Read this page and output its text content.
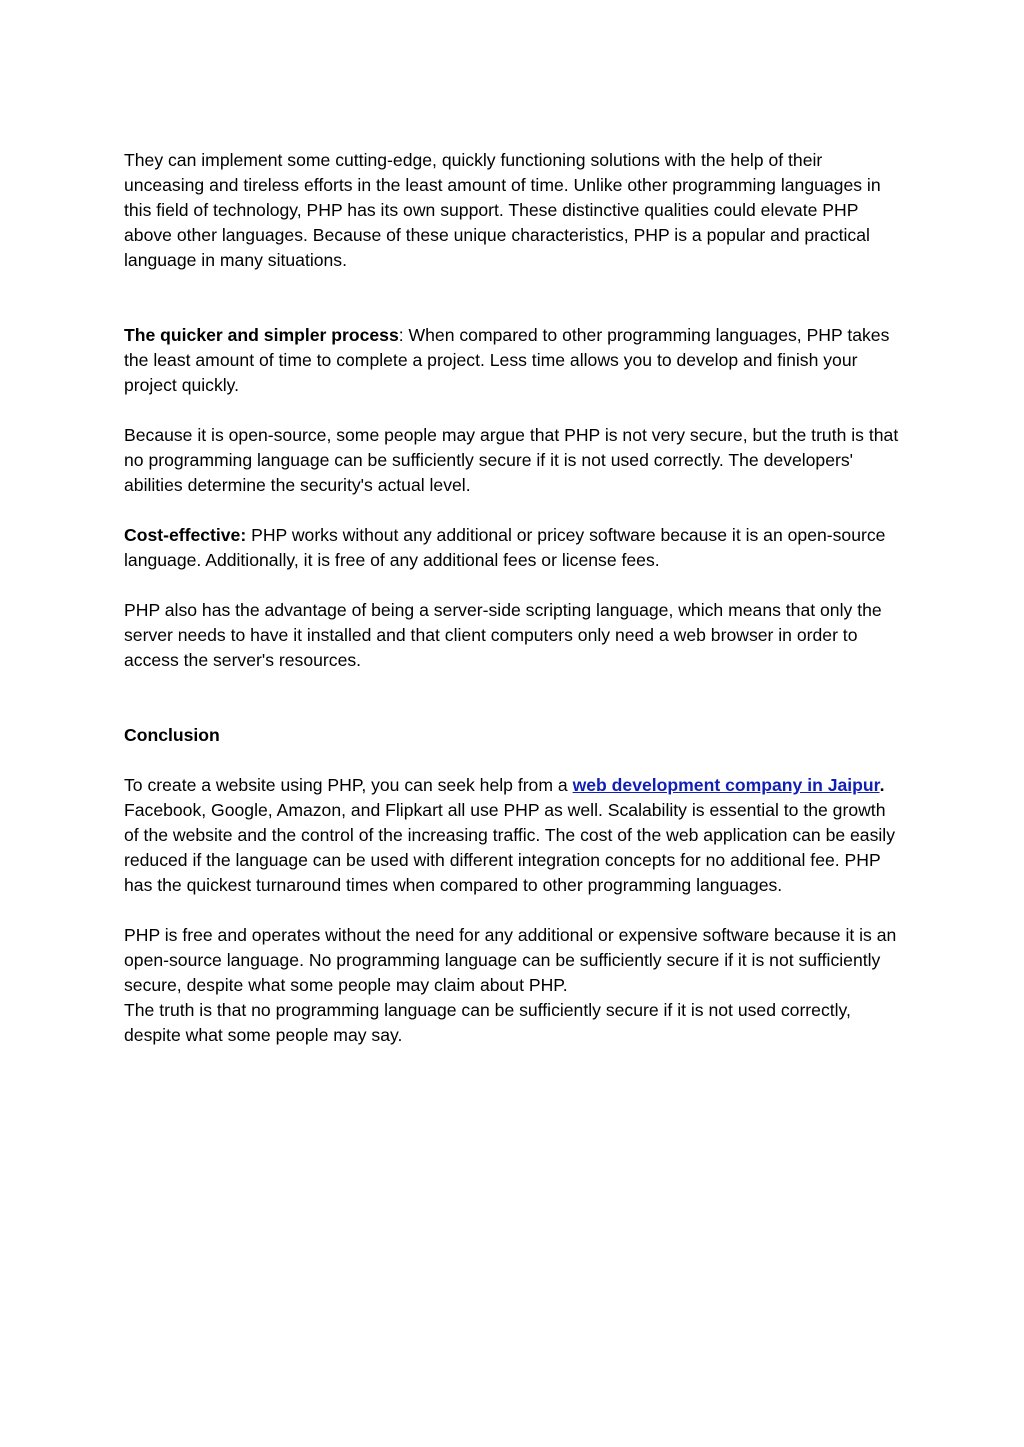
They can implement some cutting-edge, quickly functioning solutions with the help of their unceasing and tireless efforts in the least amount of time. Unlike other programming languages in this field of technology, PHP has its own support. These distinctive qualities could elevate PHP above other languages. Because of these unique characteristics, PHP is a popular and practical language in many situations.

The quicker and simpler process: When compared to other programming languages, PHP takes the least amount of time to complete a project. Less time allows you to develop and finish your project quickly.

Because it is open-source, some people may argue that PHP is not very secure, but the truth is that no programming language can be sufficiently secure if it is not used correctly. The developers' abilities determine the security's actual level.

Cost-effective: PHP works without any additional or pricey software because it is an open-source language. Additionally, it is free of any additional fees or license fees.

PHP also has the advantage of being a server-side scripting language, which means that only the server needs to have it installed and that client computers only need a web browser in order to access the server's resources.

Conclusion

To create a website using PHP, you can seek help from a web development company in Jaipur. Facebook, Google, Amazon, and Flipkart all use PHP as well. Scalability is essential to the growth of the website and the control of the increasing traffic. The cost of the web application can be easily reduced if the language can be used with different integration concepts for no additional fee. PHP has the quickest turnaround times when compared to other programming languages.

PHP is free and operates without the need for any additional or expensive software because it is an open-source language. No programming language can be sufficiently secure if it is not sufficiently secure, despite what some people may claim about PHP.

The truth is that no programming language can be sufficiently secure if it is not used correctly, despite what some people may say.
